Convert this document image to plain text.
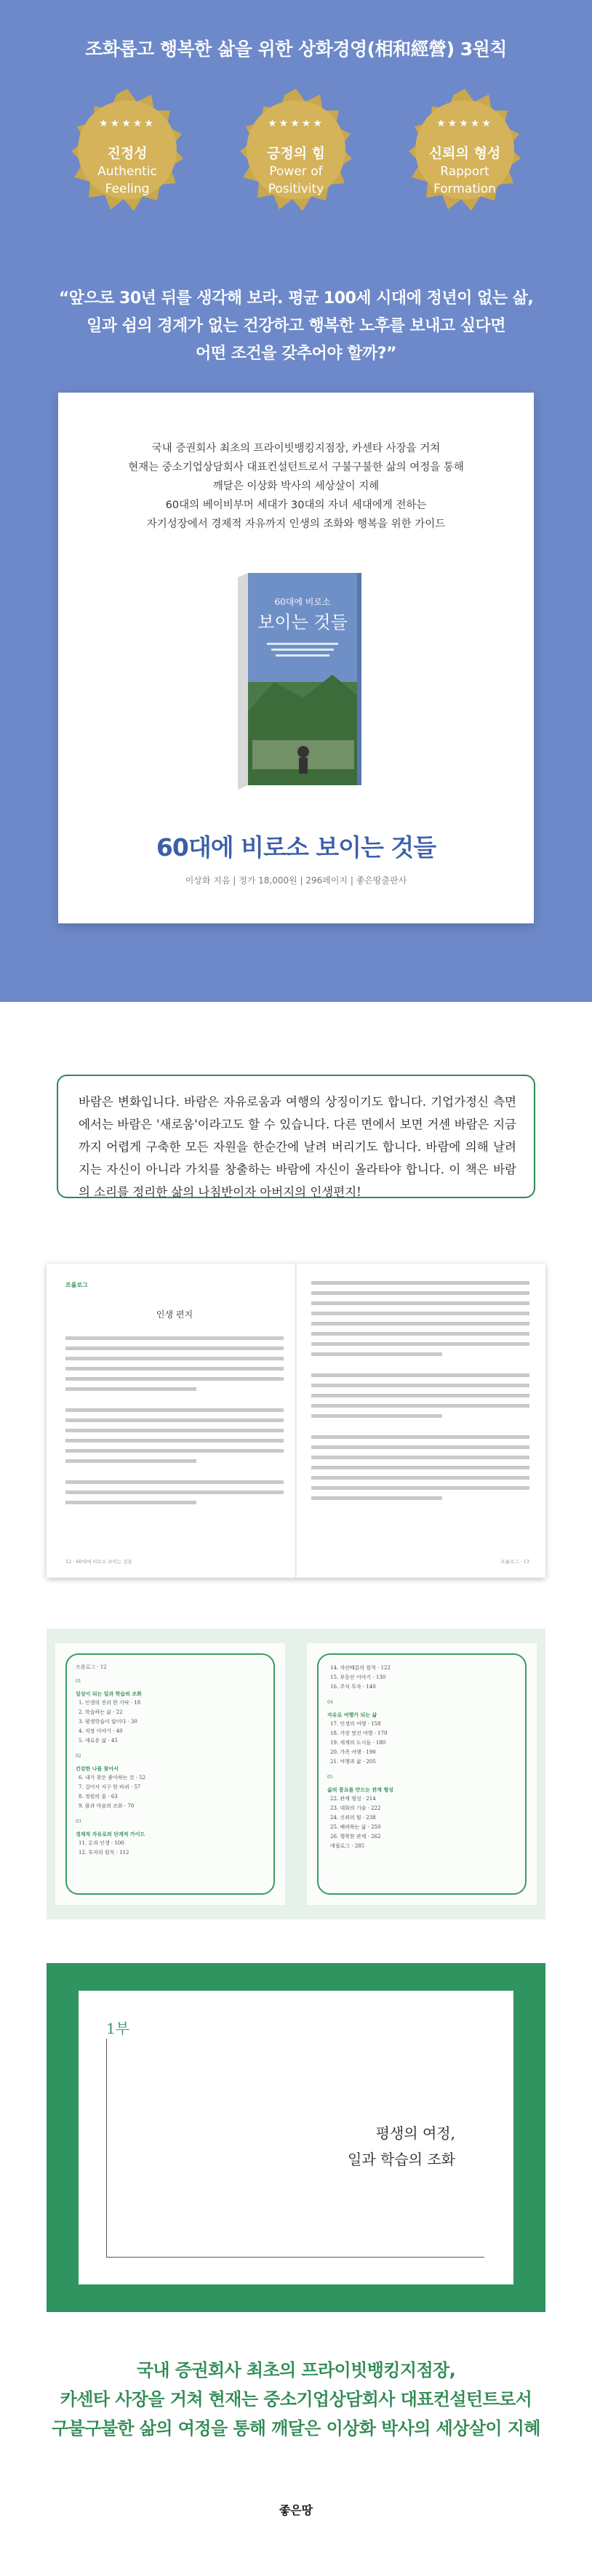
조화롭고 행복한 삶을 위한 상화경영(相和經營) 3원칙
★★★★★
진정성
Authentic Feeling
★★★★★
긍정의 힘
Power of Positivity
★★★★★
신뢰의 형성
Rapport Formation
“앞으로 30년 뒤를 생각해 보라. 평균 100세 시대에 정년이 없는 삶,
일과 쉼의 경계가 없는 건강하고 행복한 노후를 보내고 싶다면
어떤 조건을 갖추어야 할까?”
국내 증권회사 최초의 프라이빗뱅킹지점장, 카센타 사장을 거쳐
현재는 중소기업상담회사 대표컨설턴트로서 구불구불한 삶의 여정을 통해
깨달은 이상화 박사의 세상살이 지혜
60대의 베이비부머 세대가 30대의 자녀 세대에게 전하는
자기성장에서 경제적 자유까지 인생의 조화와 행복을 위한 가이드
60대에 비로소
보이는 것들
60대에 비로소 보이는 것들
이상화 지음 | 정가 18,000원 | 296페이지 | 좋은땅출판사
바람은 변화입니다. 바람은 자유로움과 여행의 상징이기도 합니다. 기업가정신 측면에서는 바람은 '새로움'이라고도 할 수 있습니다. 다른 면에서 보면 거센 바람은 지금까지 어렵게 구축한 모든 자원을 한순간에 날려 버리기도 합니다. 바람에 의해 날려지는 자신이 아니라 가치를 창출하는 바람에 자신이 올라타야 합니다. 이 책은 바람의 소리를 정리한 삶의 나침반이자 아버지의 인생편지!
프롤로그
인생 편지
12 · 60대에 비로소 보이는 것들	프롤로그 · 13
프롤로그 · 12
01
일상이 되는 일과 학습의 조화
1. 인생의 진리 한 가닥 · 18
2. 학습하는 삶 · 22
3. 평생학습이 답이다 · 30
4. 직장 이야기 · 40
5. 새로운 삶 · 45
02
건강한 나를 찾아서
6. 내가 찾은 좋아하는 것 · 52
7. 걸어서 지구 한 바퀴 · 57
8. 정원의 꽃 · 63
9. 몸과 마음의 조화 · 70
03
경제적 자유로의 단계적 가이드
11. 돈과 인생 · 100
12. 투자의 원칙 · 112
14. 자산배분의 원칙 · 122
15. 부동산 이야기 · 130
16. 주식 투자 · 140
04
자유로 여행가 되는 삶
17. 인생의 여행 · 158
18. 가장 멋진 여행 · 170
19. 세계의 도시들 · 180
20. 가족 여행 · 190
21. 여행과 삶 · 205
05
삶의 풍요를 만드는 관계 형성
22. 관계 형성 · 214
23. 대화의 기술 · 222
24. 신뢰의 힘 · 238
25. 배려하는 삶 · 250
26. 행복한 관계 · 262
에필로그 · 285
1부
평생의 여정,
일과 학습의 조화
국내 증권회사 최초의 프라이빗뱅킹지점장,
카센타 사장을 거쳐 현재는 중소기업상담회사 대표컨설턴트로서
구불구불한 삶의 여정을 통해 깨달은 이상화 박사의 세상살이 지혜
좋은땅
